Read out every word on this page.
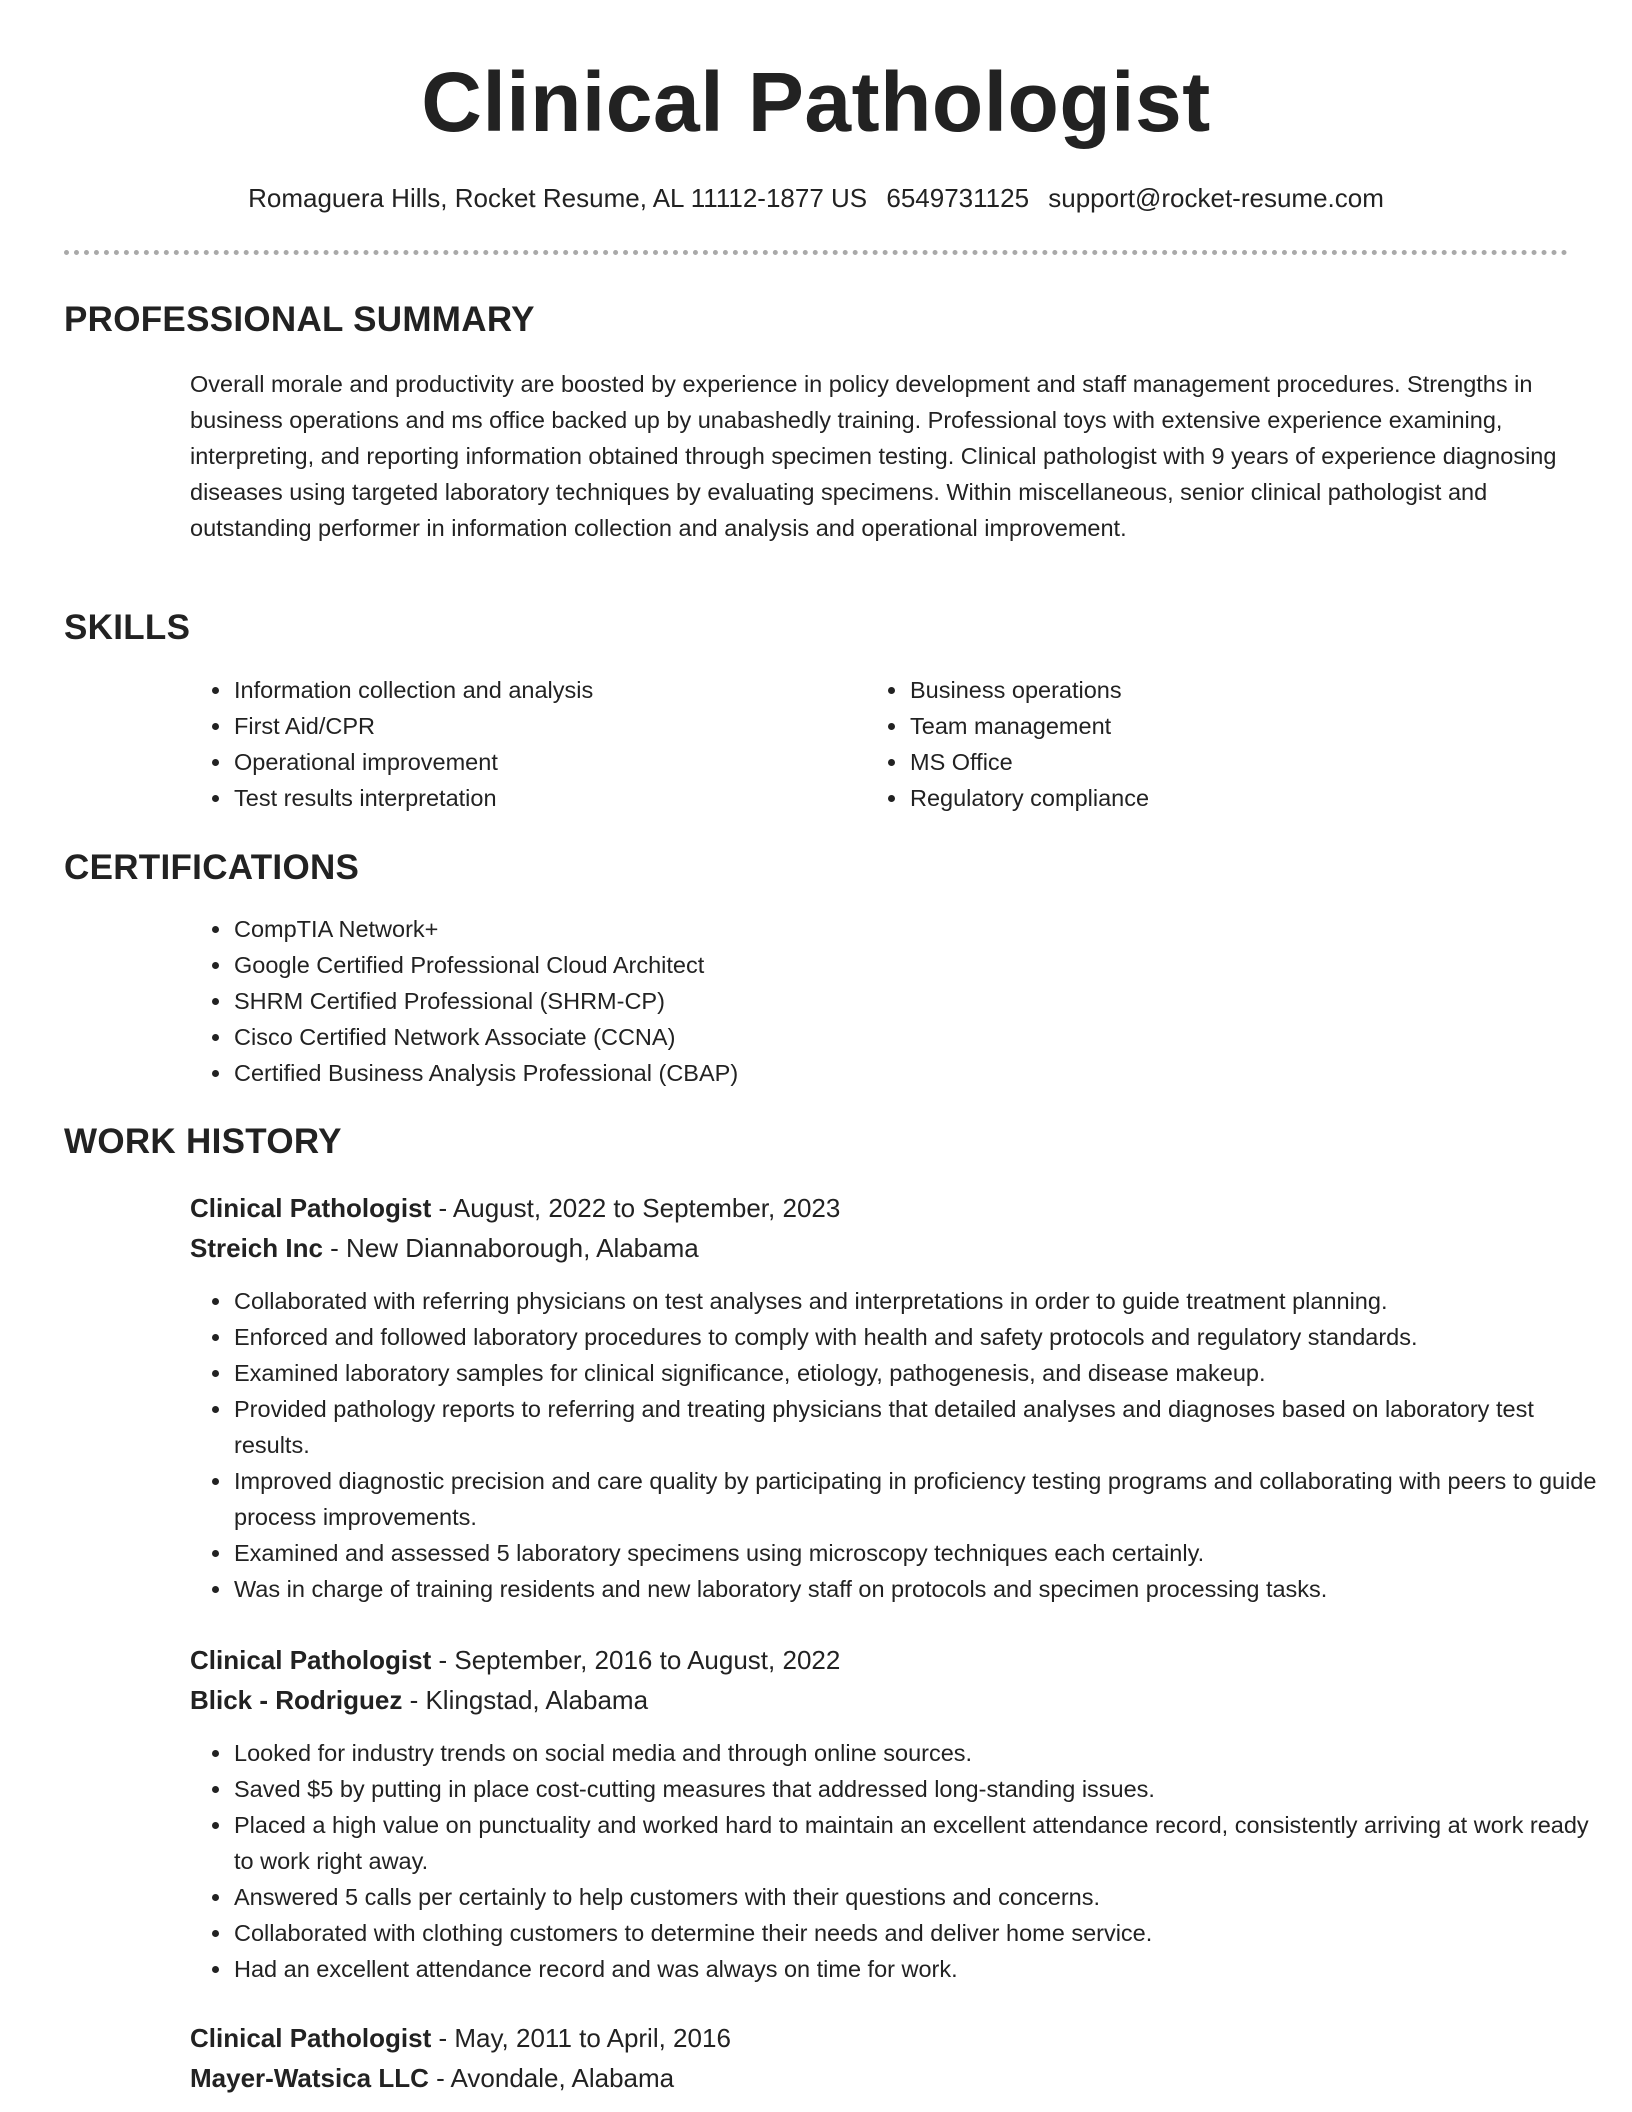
Clinical Pathologist
Romaguera Hills, Rocket Resume, AL 11112-1877 US 6549731125 support@rocket-resume.com
PROFESSIONAL SUMMARY

Overall morale and productivity are boosted by experience in policy development and staff management procedures. Strengths in business operations and ms office backed up by unabashedly training. Professional toys with extensive experience examining, interpreting, and reporting information obtained through specimen testing. Clinical pathologist with 9 years of experience diagnosing diseases using targeted laboratory techniques by evaluating specimens. Within miscellaneous, senior clinical pathologist and outstanding performer in information collection and analysis and operational improvement.

SKILLS
• Information collection and analysis
• First Aid/CPR
• Operational improvement
• Test results interpretation
• Business operations
• Team management
• MS Office
• Regulatory compliance
CERTIFICATIONS
• CompTIA Network+
• Google Certified Professional Cloud Architect
• SHRM Certified Professional (SHRM-CP)
• Cisco Certified Network Associate (CCNA)
• Certified Business Analysis Professional (CBAP)
WORK HISTORY
Clinical Pathologist - August, 2022 to September, 2023
Streich Inc - New Diannaborough, Alabama
• Collaborated with referring physicians on test analyses and interpretations in order to guide treatment planning.
• Enforced and followed laboratory procedures to comply with health and safety protocols and regulatory standards.
• Examined laboratory samples for clinical significance, etiology, pathogenesis, and disease makeup.
• Provided pathology reports to referring and treating physicians that detailed analyses and diagnoses based on laboratory test results.
• Improved diagnostic precision and care quality by participating in proficiency testing programs and collaborating with peers to guide process improvements.
• Examined and assessed 5 laboratory specimens using microscopy techniques each certainly.
• Was in charge of training residents and new laboratory staff on protocols and specimen processing tasks.
Clinical Pathologist - September, 2016 to August, 2022
Blick - Rodriguez - Klingstad, Alabama
• Looked for industry trends on social media and through online sources.
• Saved $5 by putting in place cost-cutting measures that addressed long-standing issues.
• Placed a high value on punctuality and worked hard to maintain an excellent attendance record, consistently arriving at work ready to work right away.
• Answered 5 calls per certainly to help customers with their questions and concerns.
• Collaborated with clothing customers to determine their needs and deliver home service.
• Had an excellent attendance record and was always on time for work.
Clinical Pathologist - May, 2011 to April, 2016
Mayer-Watsica LLC - Avondale, Alabama
